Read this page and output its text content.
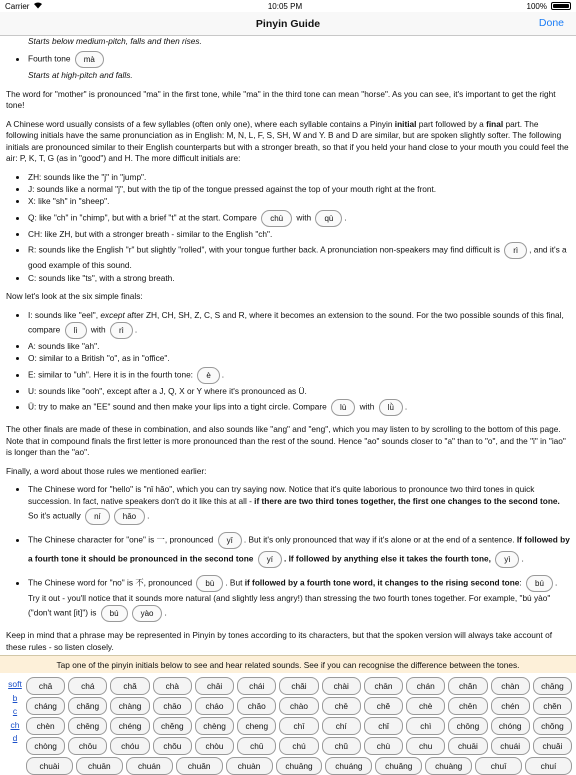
Carrier	10:05 PM	100%
Pinyin Guide	Done
Starts below medium-pitch, falls and then rises.
• Fourth tone mà
Starts at high-pitch and falls.

The word for "mother" is pronounced "ma" in the first tone, while "ma" in the third tone can mean "horse". As you can see, it's important to get the right tone!

A Chinese word usually consists of a few syllables (often only one), where each syllable contains a Pinyin initial part followed by a final part. The following initials have the same pronunciation as in English: M, N, L, F, S, SH, W and Y. B and D are similar, but are spoken slightly softer. The following initials are pronounced similar to their English counterparts but with a stronger breath, so that if you held your hand close to your mouth you could feel the air: P, K, T, G (as in "good") and H. The more difficult initials are:

• ZH: sounds like the "j" in "jump".
• J: sounds like a normal "j", but with the tip of the tongue pressed against the top of your mouth right at the front.
• X: like "sh" in "sheep".
• Q: like "ch" in "chimp", but with a brief "t" at the start. Compare chù with qù .
• CH: like ZH, but with a stronger breath - similar to the English "ch".
• R: sounds like the English "r" but slightly "rolled", with your tongue further back. A pronunciation non-speakers may find difficult is rì , and it's a good example of this sound.
• C: sounds like "ts", with a strong breath.

Now let's look at the six simple finals:

• I: sounds like "eel", except after ZH, CH, SH, Z, C, S and R, where it becomes an extension to the sound. For the two possible sounds of this final, compare lì with rì .
• A: sounds like "ah".
• O: similar to a British "o", as in "office".
• E: similar to "uh". Here it is in the fourth tone: è .
• U: sounds like "ooh", except after a J, Q, X or Y where it's pronounced as Ü.
• Ü: try to make an "EE" sound and then make your lips into a tight circle. Compare lù with lǜ .

The other finals are made of these in combination, and also sounds like "ang" and "eng", which you may listen to by scrolling to the bottom of this page. Note that in compound finals the first letter is more pronounced than the rest of the sound. Hence "ao" sounds closer to "a" than to "o", and the "i" in "iao" is longer than the "ao".

Finally, a word about those rules we mentioned earlier:

• The Chinese word for "hello" is "nǐ hǎo", which you can try saying now. Notice that it's quite laborious to pronounce two third tones in quick succession. In fact, native speakers don't do it like this at all - if there are two third tones together, the first one changes to the second tone. So it's actually ní	hǎo .
• The Chinese character for "one" is 一, pronounced yī . But it's only pronounced that way if it's alone or at the end of a sentence. If followed by a fourth tone it should be pronounced in the second tone yí . If followed by anything else it takes the fourth tone, yì .
• The Chinese word for "no" is 不, pronounced bù . But if followed by a fourth tone word, it changes to the rising second tone: bú . Try it out - you'll notice that it sounds more natural (and slightly less angry!) than stressing the two fourth tones together. For example, "bú yào" ("don't want [it]") is bú	yào .

Keep in mind that a phrase may be represented in Pinyin by tones according to its characters, but that the spoken version will always take account of these rules - so listen closely.

Tap one of the pinyin initials below to see and hear related sounds. See if you can recognise the difference between the tones.
soft
b
c
ch
d
chā	chá	chǎ	chà	chāi	chái	chǎi	chài	chān	chán	chǎn	chàn	chāng
cháng	chǎng	chàng	chāo	cháo	chǎo	chào	chē	chě	chè	chēn	chén	chěn
chèn	chēng	chéng	chěng	chèng	cheng	chī	chí	chǐ	chì	chōng	chóng	chǒng
chòng	chōu	chóu	chǒu	chòu	chū	chú	chǔ	chù	chu	chuāi	chuái	chuǎi
chuài	chuān	chuán	chuǎn	chuàn	chuāng	chuáng	chuǎng	chuàng	chuī	chuí
